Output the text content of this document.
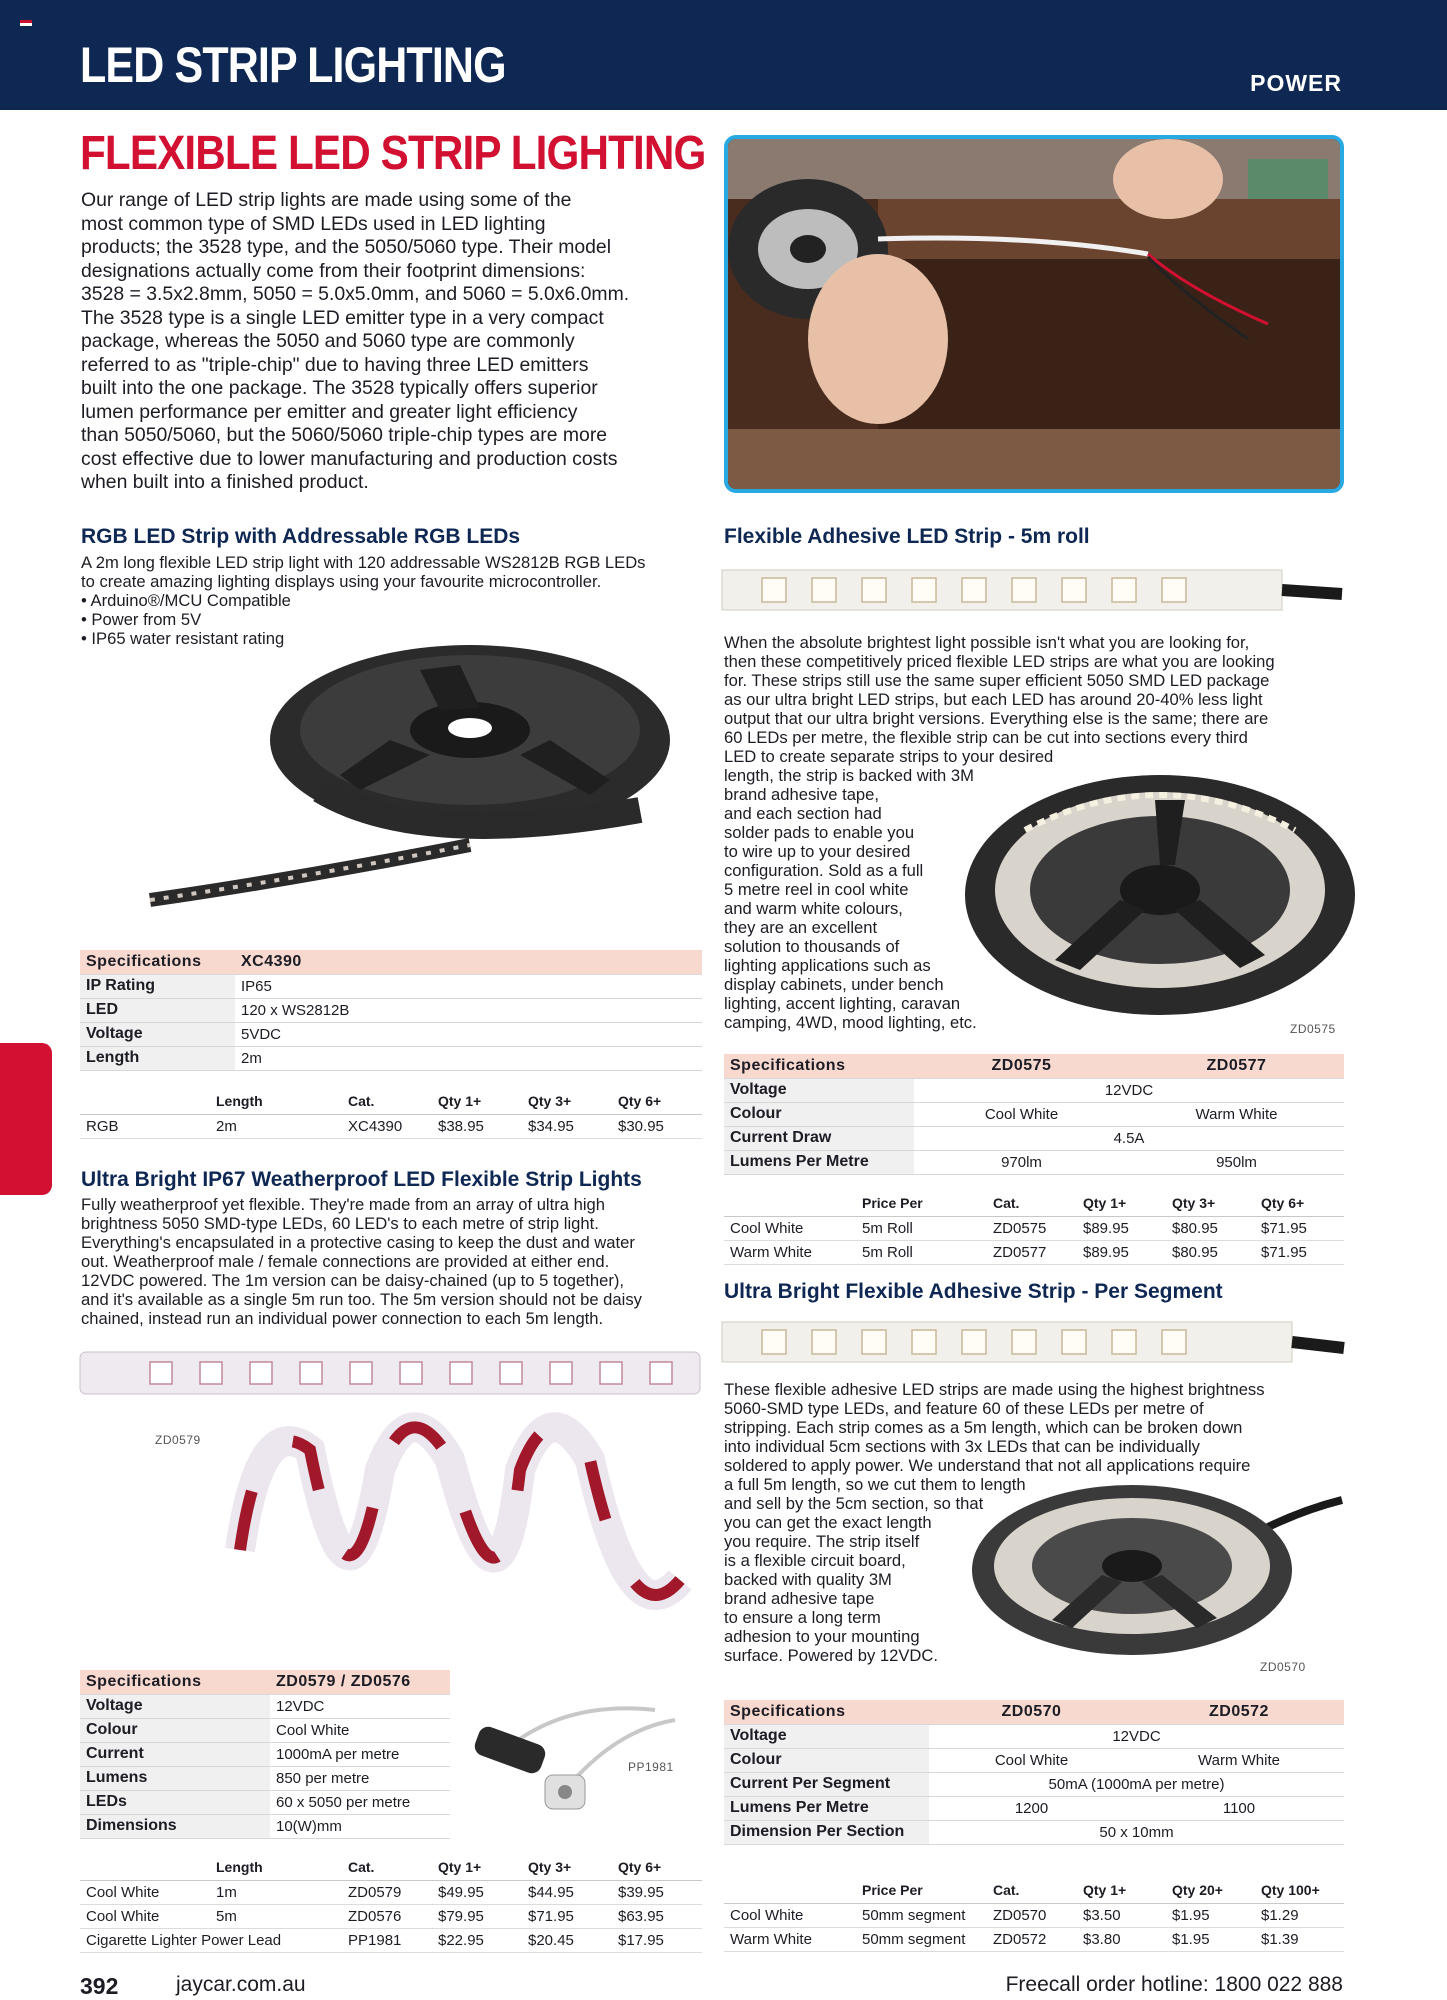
LED STRIP LIGHTING	POWER
FLEXIBLE LED STRIP LIGHTING
Our range of LED strip lights are made using some of the
most common type of SMD LEDs used in LED lighting
products; the 3528 type, and the 5050/5060 type. Their model
designations actually come from their footprint dimensions:
3528 = 3.5x2.8mm, 5050 = 5.0x5.0mm, and 5060 = 5.0x6.0mm.
The 3528 type is a single LED emitter type in a very compact
package, whereas the 5050 and 5060 type are commonly
referred to as "triple-chip" due to having three LED emitters
built into the one package. The 3528 typically offers superior
lumen performance per emitter and greater light efficiency
than 5050/5060, but the 5060/5060 triple-chip types are more
cost effective due to lower manufacturing and production costs
when built into a finished product.
RGB LED Strip with Addressable RGB LEDs
A 2m long flexible LED strip light with 120 addressable WS2812B RGB LEDs
to create amazing lighting displays using your favourite microcontroller.
• Arduino®/MCU Compatible
• Power from 5V
• IP65 water resistant rating
Specifications	XC4390
IP Rating	IP65
LED	120 x WS2812B
Voltage	5VDC
Length	2m
	Length	Cat.	Qty 1+	Qty 3+	Qty 6+
RGB	2m	XC4390	$38.95	$34.95	$30.95
Ultra Bright IP67 Weatherproof LED Flexible Strip Lights
Fully weatherproof yet flexible. They're made from an array of ultra high
brightness 5050 SMD-type LEDs, 60 LED's to each metre of strip light.
Everything's encapsulated in a protective casing to keep the dust and water
out. Weatherproof male / female connections are provided at either end.
12VDC powered. The 1m version can be daisy-chained (up to 5 together),
and it's available as a single 5m run too. The 5m version should not be daisy
chained, instead run an individual power connection to each 5m length.
ZD0579
Specifications	ZD0579 / ZD0576
Voltage	12VDC
Colour	Cool White
Current	1000mA per metre
Lumens	850 per metre
LEDs	60 x 5050 per metre
Dimensions	10(W)mm
PP1981
	Length	Cat.	Qty 1+	Qty 3+	Qty 6+
Cool White	1m	ZD0579	$49.95	$44.95	$39.95
Cool White	5m	ZD0576	$79.95	$71.95	$63.95
Cigarette Lighter Power Lead		PP1981	$22.95	$20.45	$17.95
Flexible Adhesive LED Strip - 5m roll
When the absolute brightest light possible isn't what you are looking for,
then these competitively priced flexible LED strips are what you are looking
for. These strips still use the same super efficient 5050 SMD LED package
as our ultra bright LED strips, but each LED has around 20-40% less light
output that our ultra bright versions. Everything else is the same; there are
60 LEDs per metre, the flexible strip can be cut into sections every third
LED to create separate strips to your desired
length, the strip is backed with 3M
brand adhesive tape,
and each section had
solder pads to enable you
to wire up to your desired
configuration. Sold as a full
5 metre reel in cool white
and warm white colours,
they are an excellent
solution to thousands of
lighting applications such as
display cabinets, under bench
lighting, accent lighting, caravan
camping, 4WD, mood lighting, etc.	ZD0575
Specifications	ZD0575	ZD0577
Voltage	12VDC	
Colour	Cool White	Warm White
Current Draw	4.5A	
Lumens Per Metre	970lm	950lm
	Price Per	Cat.	Qty 1+	Qty 3+	Qty 6+
Cool White	5m Roll	ZD0575	$89.95	$80.95	$71.95
Warm White	5m Roll	ZD0577	$89.95	$80.95	$71.95
Ultra Bright Flexible Adhesive Strip - Per Segment
These flexible adhesive LED strips are made using the highest brightness
5060-SMD type LEDs, and feature 60 of these LEDs per metre of
stripping. Each strip comes as a 5m length, which can be broken down
into individual 5cm sections with 3x LEDs that can be individually
soldered to apply power. We understand that not all applications require
a full 5m length, so we cut them to length
and sell by the 5cm section, so that
you can get the exact length
you require. The strip itself
is a flexible circuit board,
backed with quality 3M
brand adhesive tape
to ensure a long term
adhesion to your mounting
surface. Powered by 12VDC.
ZD0570
Specifications	ZD0570	ZD0572
Voltage	12VDC	
Colour	Cool White	Warm White
Current Per Segment	50mA (1000mA per metre)	
Lumens Per Metre	1200	1100
Dimension Per Section	50 x 10mm	
	Price Per	Cat.	Qty 1+	Qty 20+	Qty 100+
Cool White	50mm segment	ZD0570	$3.50	$1.95	$1.29
Warm White	50mm segment	ZD0572	$3.80	$1.95	$1.39
392	jaycar.com.au	Freecall order hotline: 1800 022 888
